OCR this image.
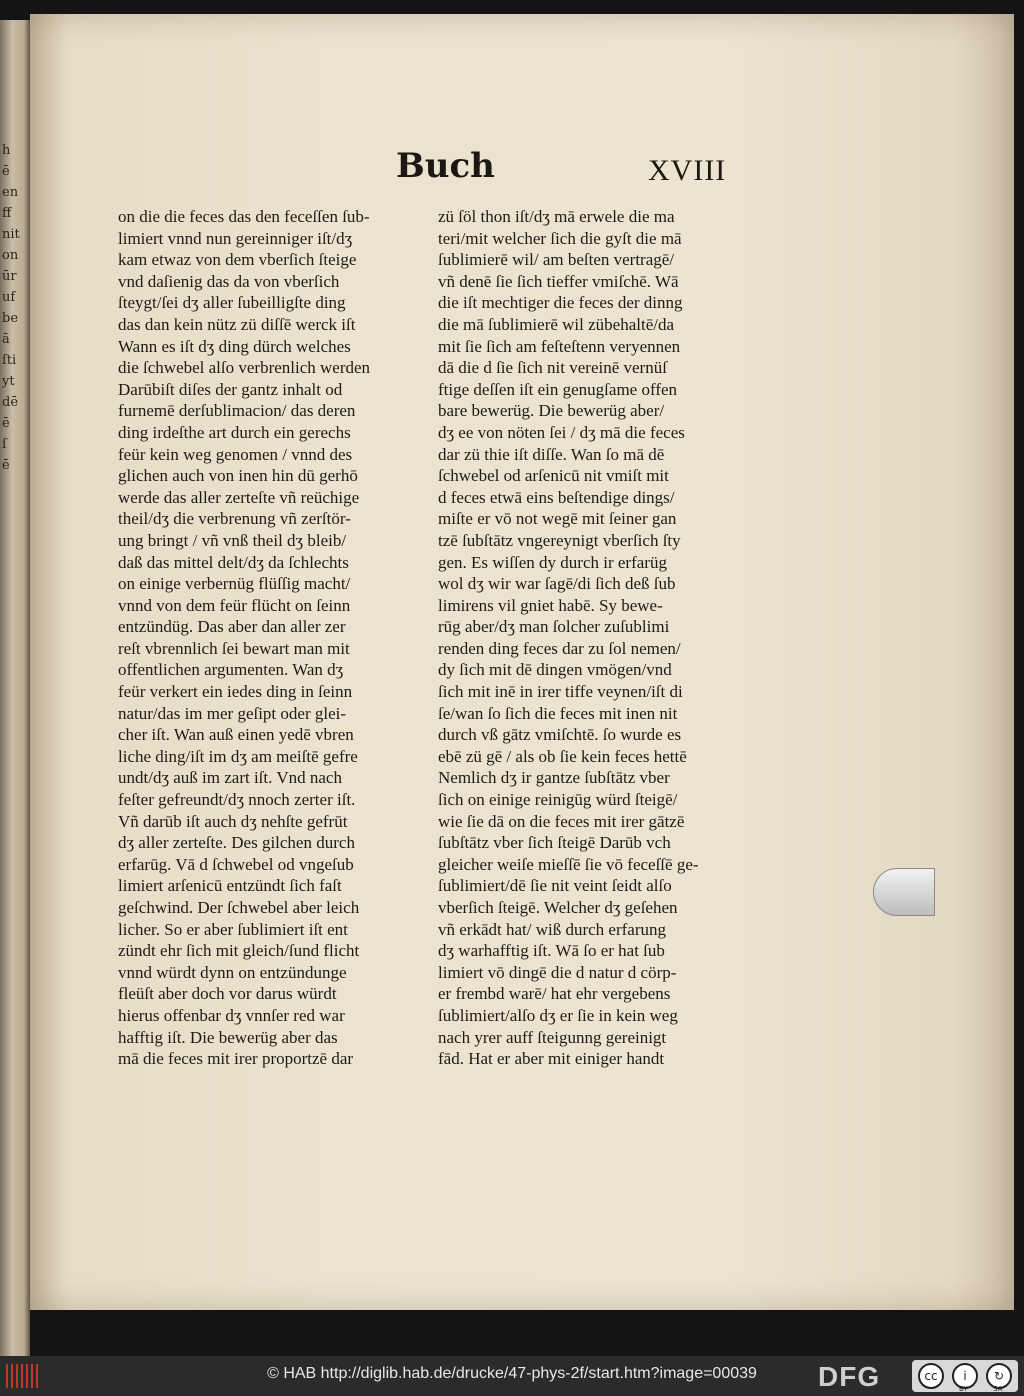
h
ē
en
ff
nit
on
ūr
uf
be
ā
ſti
yt
dē
ē
ſ
ē
Buch	XVIII
on die die feces das den feceſſen ſub-
limiert vnnd nun gereinniger iſt/dʒ
kam etwaz von dem vberſich ſteige
vnd daſienig das da von vberſich
ſteygt/ſei dʒ aller ſubeilligſte ding
das dan kein nütz zü diſſē werck iſt
Wann es iſt dʒ ding dürch welches
die ſchwebel alſo verbrenlich werden
Darūbiſt diſes der gantz inhalt od
furnemē derſublimacion/ das deren
ding irdeſthe art durch ein gerechs
feür kein weg genomen / vnnd des
glichen auch von inen hin dū gerhō
werde das aller zerteſte vñ reüchige
theil/dʒ die verbrenung vñ zerſtör-
ung bringt / vñ vnß theil dʒ bleib/
daß das mittel delt/dʒ da ſchlechts
on einige verbernüg flüſſig macht/
vnnd von dem feür flücht on ſeinn
entzündüg. Das aber dan aller zer
reſt vbrennlich ſei bewart man mit
offentlichen argumenten. Wan dʒ
feür verkert ein iedes ding in ſeinn
natur/das im mer geſipt oder glei-
cher iſt. Wan auß einen yedē vbren
liche ding/iſt im dʒ am meiſtē gefre
undt/dʒ auß im zart iſt. Vnd nach
feſter gefreundt/dʒ nnoch zerter iſt.
Vñ darūb iſt auch dʒ nehſte gefrūt
dʒ aller zerteſte. Des gilchen durch
erfarūg. Vā d ſchwebel od vngeſub
limiert arſenicū entzündt ſich faſt
geſchwind. Der ſchwebel aber leich
licher. So er aber ſublimiert iſt ent
zündt ehr ſich mit gleich/ſund flicht
vnnd würdt dynn on entzündunge
fleüſt aber doch vor darus würdt
hierus offenbar dʒ vnnſer red war
hafftig iſt. Die bewerüg aber das
mā die feces mit irer proportzē dar
zü ſöl thon iſt/dʒ mā erwele die ma
teri/mit welcher ſich die gyſt die mā
ſublimierē wil/ am beſten vertragē/
vñ denē ſie ſich tieffer vmiſchē. Wā
die iſt mechtiger die feces der dinng
die mā ſublimierē wil zübehaltē/da
mit ſie ſich am feſteſtenn veryennen
dā die d ſie ſich nit vereinē vernüſ
ftige deſſen iſt ein genugſame offen
bare bewerüg. Die bewerüg aber/
dʒ ee von nöten ſei / dʒ mā die feces
dar zü thie iſt diſſe. Wan ſo mā dē
ſchwebel od arſenicū nit vmiſt mit
d feces etwā eins beſtendige dings/
miſte er vō not wegē mit ſeiner gan
tzē ſubſtātz vngereynigt vberſich ſty
gen. Es wiſſen dy durch ir erfarüg
wol dʒ wir war ſagē/di ſich deß ſub
limirens vil gniet habē. Sy bewe-
rūg aber/dʒ man ſolcher zuſublimi
renden ding feces dar zu ſol nemen/
dy ſich mit dē dingen vmögen/vnd
ſich mit inē in irer tiffe veynen/iſt di
ſe/wan ſo ſich die feces mit inen nit
durch vß gātz vmiſchtē. ſo wurde es
ebē zü gē / als ob ſie kein feces hettē
Nemlich dʒ ir gantze ſubſtātz vber
ſich on einige reinigūg würd ſteigē/
wie ſie dā on die feces mit irer gātzē
ſubſtātz vber ſich ſteigē Darūb vch
gleicher weiſe mieſſē ſie vō feceſſē ge-
ſublimiert/dē ſie nit veint ſeidt alſo
vberſich ſteigē. Welcher dʒ geſehen
vñ erkādt hat/ wiß durch erfarung
dʒ warhafftig iſt. Wā ſo er hat ſub
limiert vō dingē die d natur d cörp-
er frembd warē/ hat ehr vergebens
ſublimiert/alſo dʒ er ſie in kein weg
nach yrer auff ſteigunng gereinigt
fād. Hat er aber mit einiger handt
© HAB http://diglib.hab.de/drucke/47-phys-2f/start.htm?image=00039	DFG	cc	i	↻
BY	SA
